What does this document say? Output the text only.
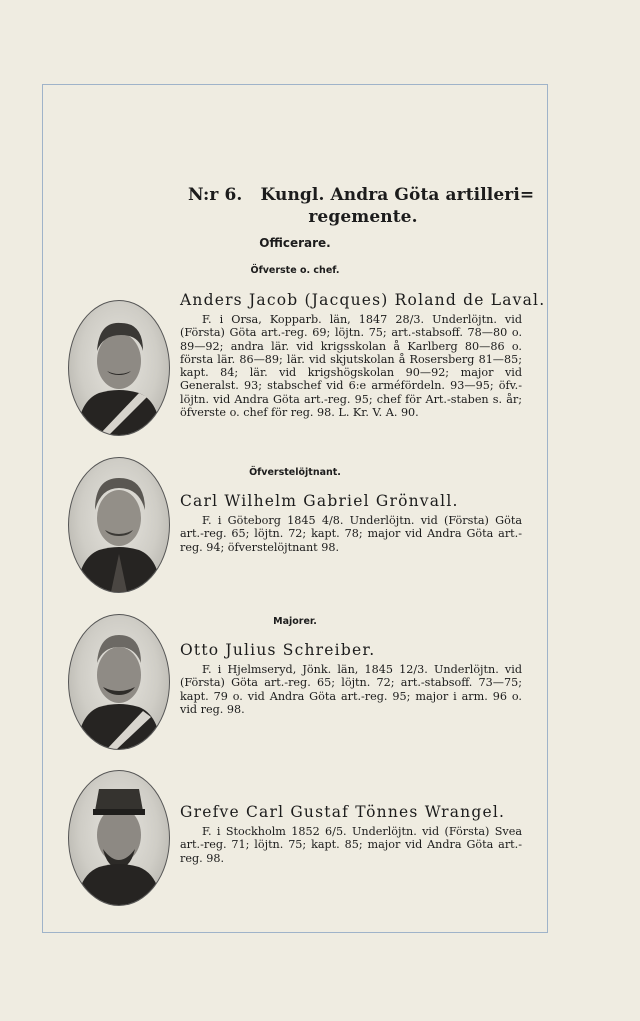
N:r 6.   Kungl. Andra Göta artilleri=
regemente.
Officerare.
Öfverste o. chef.
Öfverstelöjtnant.
Majorer.
Anders Jacob (Jacques) Roland de Laval.

F. i Orsa, Kopparb. län, 1847 28/3. Underlöjtn. vid (Första) Göta art.-reg. 69; löjtn. 75; art.-stabsoff. 78—80 o. 89—92; andra lär. vid krigsskolan å Karlberg 80—86 o. första lär. 86—89; lär. vid skjutskolan å Rosersberg 81—85; kapt. 84; lär. vid krigshögskolan 90—92; major vid Generalst. 93; stabschef vid 6:e arméfördeln. 93—95; öfv.-löjtn. vid Andra Göta art.-reg. 95; chef för Art.-staben s. år; öfverste o. chef för reg. 98. L. Kr. V. A. 90.

Carl Wilhelm Gabriel Grönvall.

F. i Göteborg 1845 4/8. Underlöjtn. vid (Första) Göta art.-reg. 65; löjtn. 72; kapt. 78; major vid Andra Göta art.-reg. 94; öfverstelöjtnant 98.

Otto Julius Schreiber.

F. i Hjelmseryd, Jönk. län, 1845 12/3. Underlöjtn. vid (Första) Göta art.-reg. 65; löjtn. 72; art.-stabsoff. 73—75; kapt. 79 o. vid Andra Göta art.-reg. 95; major i arm. 96 o. vid reg. 98.

Grefve Carl Gustaf Tönnes Wrangel.

F. i Stockholm 1852 6/5. Underlöjtn. vid (Första) Svea art.-reg. 71; löjtn. 75; kapt. 85; major vid Andra Göta art.-reg. 98.
